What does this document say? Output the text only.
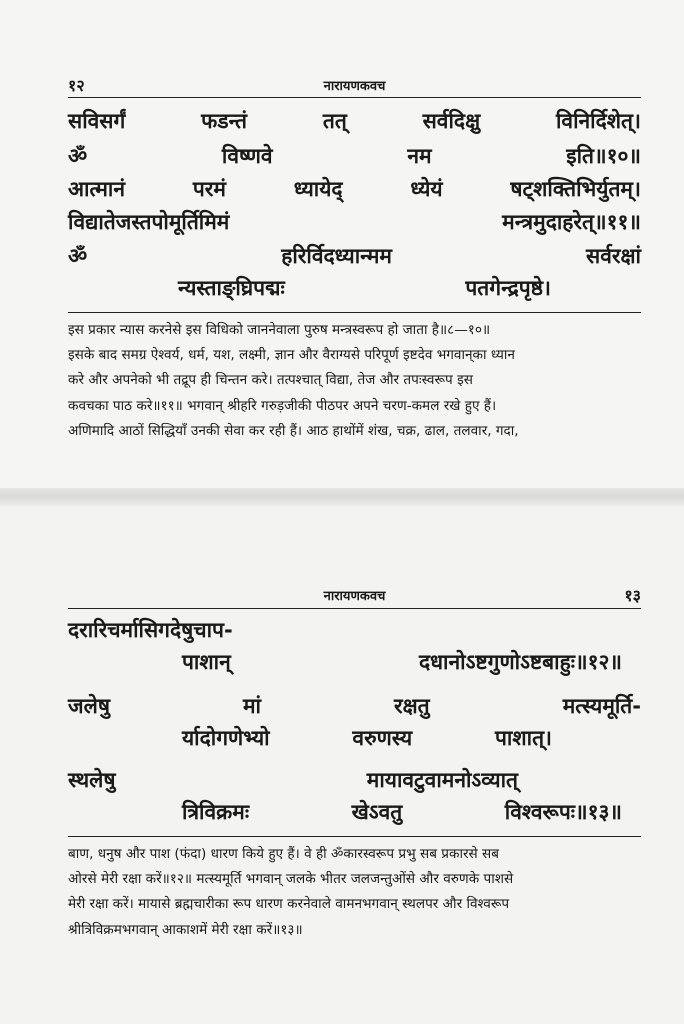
१२	नारायणकवच
सविसर्गं	फडन्तं	तत्	सर्वदिक्षु	विनिर्दिशेत्।
ॐ	विष्णवे	नम	इति॥१०॥
आत्मानं	परमं	ध्यायेद्	ध्येयं	षट्शक्तिभिर्युतम्।
विद्यातेजस्तपोमूर्तिमिमं	मन्त्रमुदाहरेत्॥११॥
ॐ	हरिर्विदध्यान्मम	सर्वरक्षां
न्यस्ताङ्घ्रिपद्मः	पतगेन्द्रपृष्ठे।
इस प्रकार न्यास करनेसे इस विधिको जाननेवाला पुरुष मन्त्रस्वरूप हो जाता है॥८—१०॥
इसके बाद समग्र ऐश्वर्य, धर्म, यश, लक्ष्मी, ज्ञान और वैराग्यसे परिपूर्ण इष्टदेव भगवान्‌का ध्यान
करे और अपनेको भी तद्रूप ही चिन्तन करे। तत्पश्चात् विद्या, तेज और तपःस्वरूप इस
कवचका पाठ करे॥११॥ भगवान् श्रीहरि गरुड़जीकी पीठपर अपने चरण-कमल रखे हुए हैं।
अणिमादि आठों सिद्धियाँ उनकी सेवा कर रही हैं। आठ हाथोंमें शंख, चक्र, ढाल, तलवार, गदा,
नारायणकवच	१३
दरारिचर्मासिगदेषुचाप-
पाशान्	दधानोऽष्टगुणोऽष्टबाहुः॥१२॥
जलेषु	मां	रक्षतु	मत्स्यमूर्ति-
र्यादोगणेभ्यो	वरुणस्य	पाशात्।
स्थलेषु	मायावटुवामनोऽव्यात्
त्रिविक्रमः	खेऽवतु	विश्वरूपः॥१३॥
बाण, धनुष और पाश (फंदा) धारण किये हुए हैं। वे ही ॐकारस्वरूप प्रभु सब प्रकारसे सब
ओरसे मेरी रक्षा करें॥१२॥ मत्स्यमूर्ति भगवान् जलके भीतर जलजन्तुओंसे और वरुणके पाशसे
मेरी रक्षा करें। मायासे ब्रह्मचारीका रूप धारण करनेवाले वामनभगवान् स्थलपर और विश्वरूप
श्रीत्रिविक्रमभगवान् आकाशमें मेरी रक्षा करें॥१३॥
